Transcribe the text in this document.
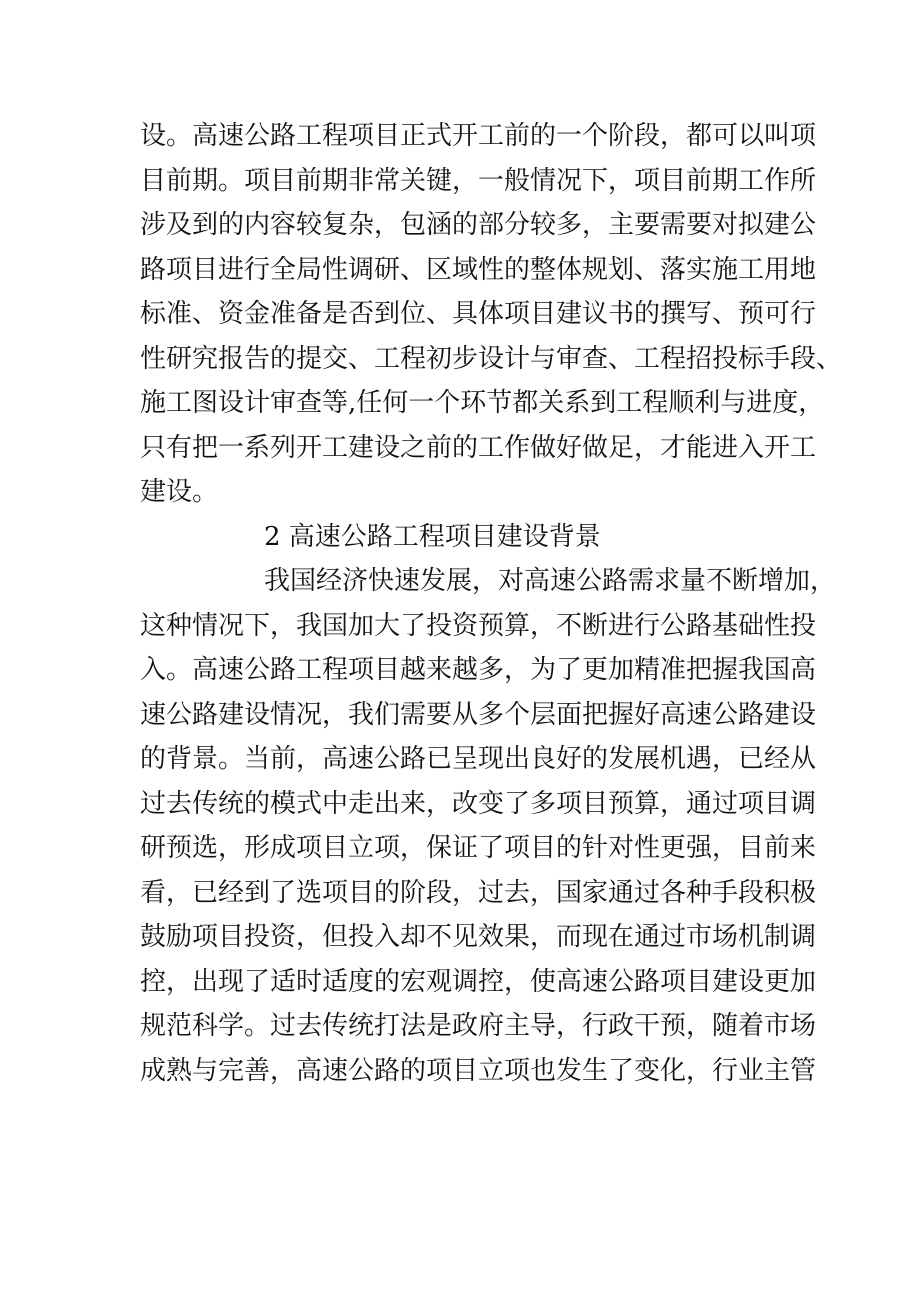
设。高速公路工程项目正式开工前的一个阶段，都可以叫项
目前期。项目前期非常关键，一般情况下，项目前期工作所
涉及到的内容较复杂，包涵的部分较多，主要需要对拟建公
路项目进行全局性调研、区域性的整体规划、落实施工用地
标准、资金准备是否到位、具体项目建议书的撰写、预可行
性研究报告的提交、工程初步设计与审查、工程招投标手段、
施工图设计审查等,任何一个环节都关系到工程顺利与进度，
只有把一系列开工建设之前的工作做好做足，才能进入开工
建设。
2 高速公路工程项目建设背景
我国经济快速发展，对高速公路需求量不断增加，
这种情况下，我国加大了投资预算，不断进行公路基础性投
入。高速公路工程项目越来越多，为了更加精准把握我国高
速公路建设情况，我们需要从多个层面把握好高速公路建设
的背景。当前，高速公路已呈现出良好的发展机遇，已经从
过去传统的模式中走出来，改变了多项目预算，通过项目调
研预选，形成项目立项，保证了项目的针对性更强，目前来
看，已经到了选项目的阶段，过去，国家通过各种手段积极
鼓励项目投资，但投入却不见效果，而现在通过市场机制调
控，出现了适时适度的宏观调控，使高速公路项目建设更加
规范科学。过去传统打法是政府主导，行政干预，随着市场
成熟与完善，高速公路的项目立项也发生了变化，行业主管
